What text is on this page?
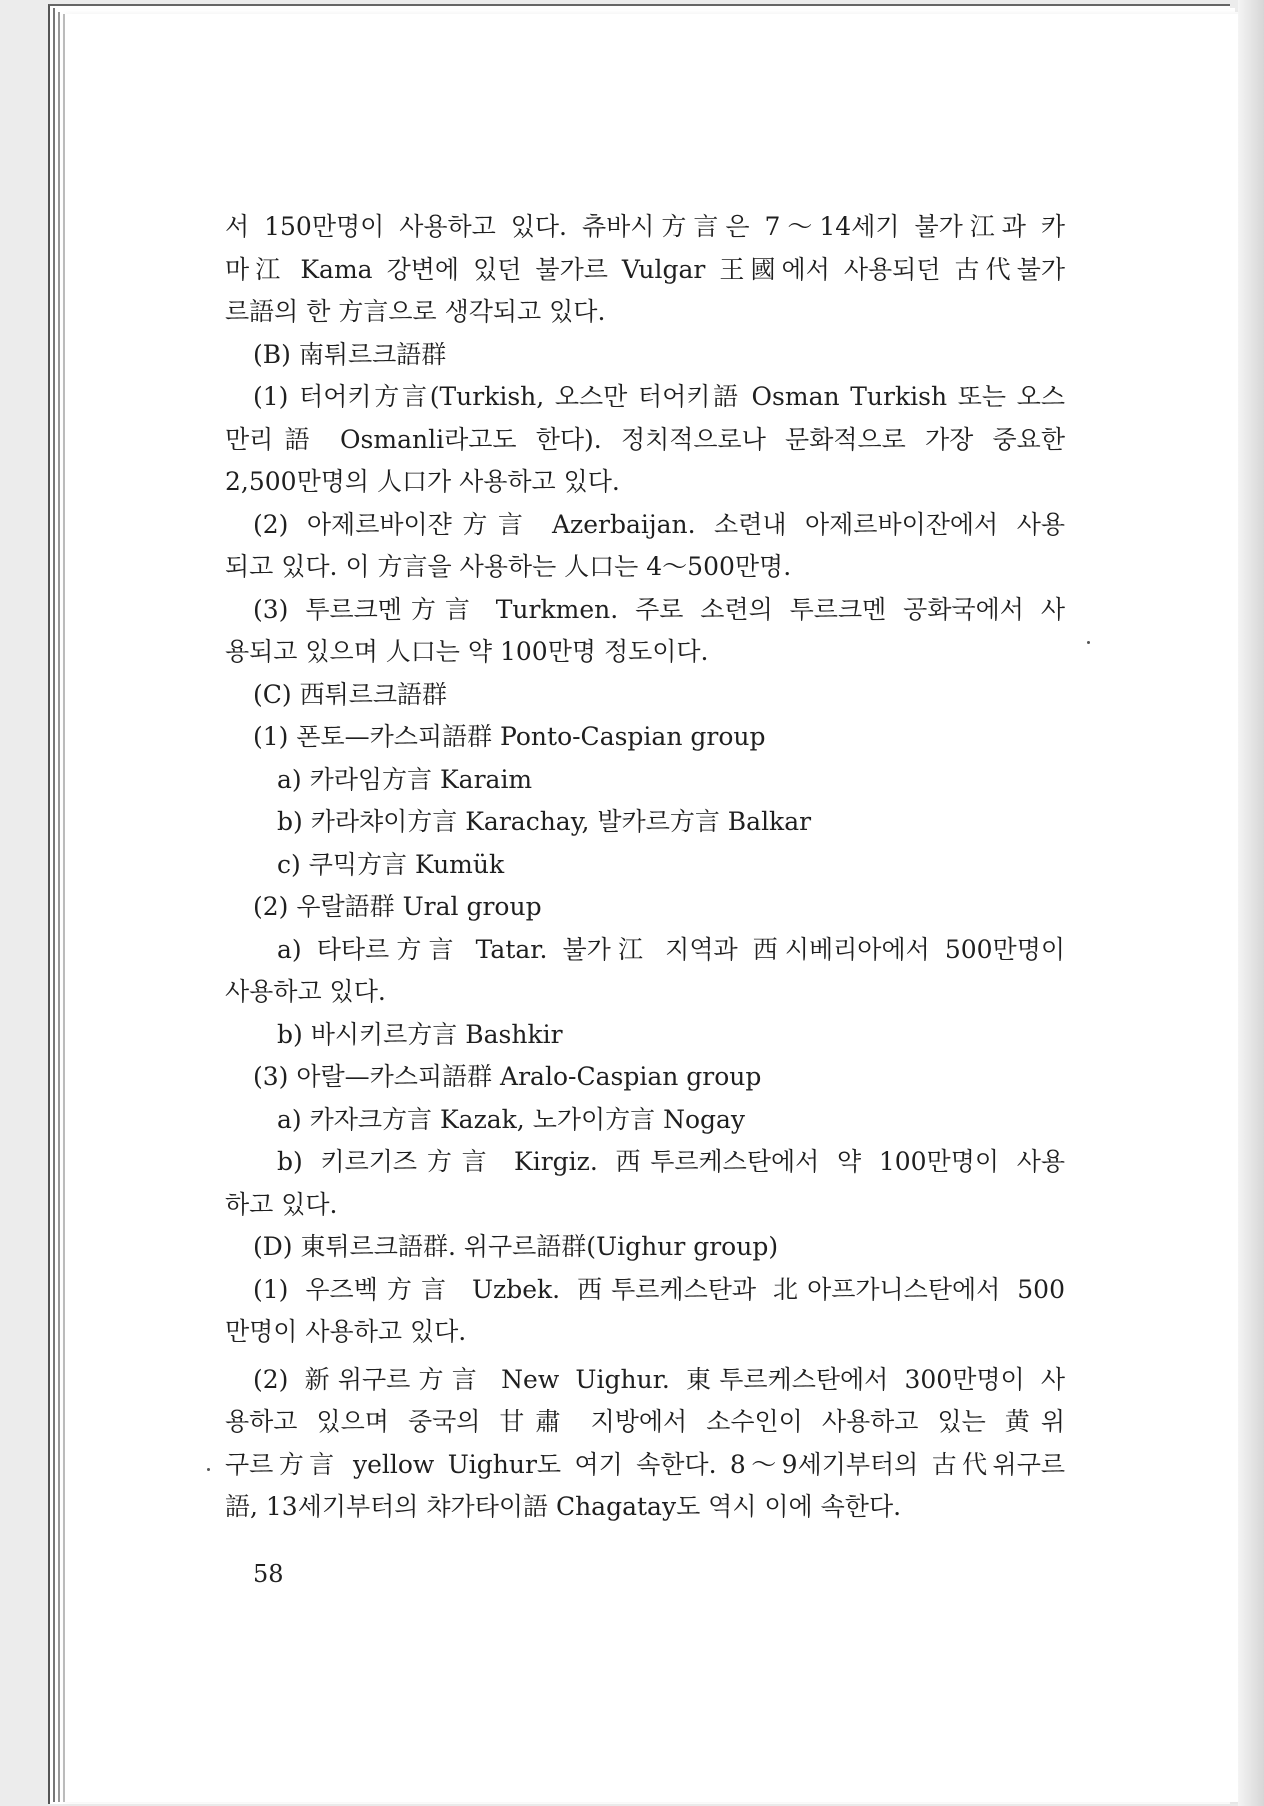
서 150만명이 사용하고 있다. 츄바시方言은 7〜14세기 불가江과 카

마江 Kama 강변에 있던 불가르 Vulgar 王國에서 사용되던 古代불가

르語의 한 方言으로 생각되고 있다.

(B) 南튀르크語群

(1) 터어키方言(Turkish, 오스만 터어키語 Osman Turkish 또는 오스

만리語 Osmanli라고도 한다). 정치적으로나 문화적으로 가장 중요한

2,500만명의 人口가 사용하고 있다.

(2) 아제르바이쟌方言 Azerbaijan. 소련내 아제르바이잔에서 사용

되고 있다. 이 方言을 사용하는 人口는 4〜500만명.

(3) 투르크멘方言 Turkmen. 주로 소련의 투르크멘 공화국에서 사

용되고 있으며 人口는 약 100만명 정도이다.

(C) 西튀르크語群

(1) 폰토—카스피語群 Ponto-Caspian group

a) 카라임方言 Karaim

b) 카라챠이方言 Karachay, 발카르方言 Balkar

c) 쿠믹方言 Kumük

(2) 우랄語群 Ural group

a) 타타르方言 Tatar. 불가江 지역과 西시베리아에서 500만명이

사용하고 있다.

b) 바시키르方言 Bashkir

(3) 아랄—카스피語群 Aralo-Caspian group

a) 카자크方言 Kazak, 노가이方言 Nogay

b) 키르기즈方言 Kirgiz. 西투르케스탄에서 약 100만명이 사용

하고 있다.

(D) 東튀르크語群. 위구르語群(Uighur group)

(1) 우즈벡方言 Uzbek. 西투르케스탄과 北아프가니스탄에서 500

만명이 사용하고 있다.

(2) 新위구르方言 New Uighur. 東투르케스탄에서 300만명이 사

용하고 있으며 중국의 甘肅 지방에서 소수인이 사용하고 있는 黄위

구르方言 yellow Uighur도 여기 속한다. 8〜9세기부터의 古代위구르

語, 13세기부터의 챠가타이語 Chagatay도 역시 이에 속한다.

58
